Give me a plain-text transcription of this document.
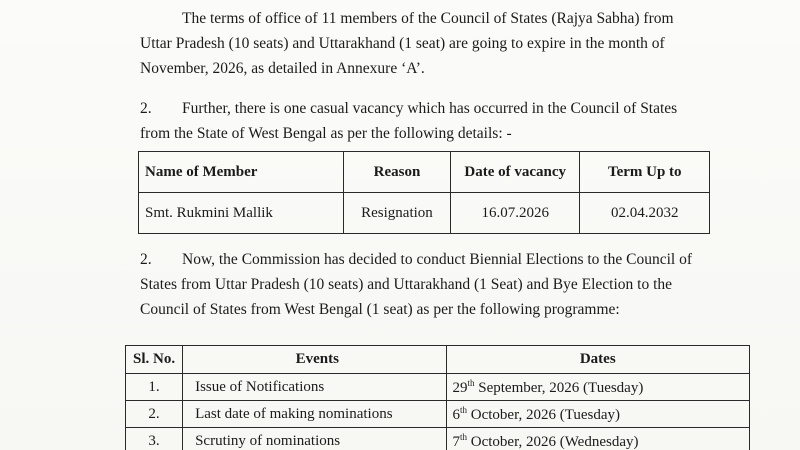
The terms of office of 11 members of the Council of States (Rajya Sabha) from
Uttar Pradesh (10 seats) and Uttarakhand (1 seat) are going to expire in the month of
November, 2026, as detailed in Annexure ‘A’.
2. Further, there is one casual vacancy which has occurred in the Council of States
from the State of West Bengal as per the following details: -
Name of Member	Reason	Date of vacancy	Term Up to
Smt. Rukmini Mallik	Resignation	16.07.2026	02.04.2032
2. Now, the Commission has decided to conduct Biennial Elections to the Council of
States from Uttar Pradesh (10 seats) and Uttarakhand (1 Seat) and Bye Election to the
Council of States from West Bengal (1 seat) as per the following programme:
Sl. No.	Events	Dates
1.	Issue of Notifications	29th September, 2026 (Tuesday)
2.	Last date of making nominations	6th October, 2026 (Tuesday)
3.	Scrutiny of nominations	7th October, 2026 (Wednesday)
